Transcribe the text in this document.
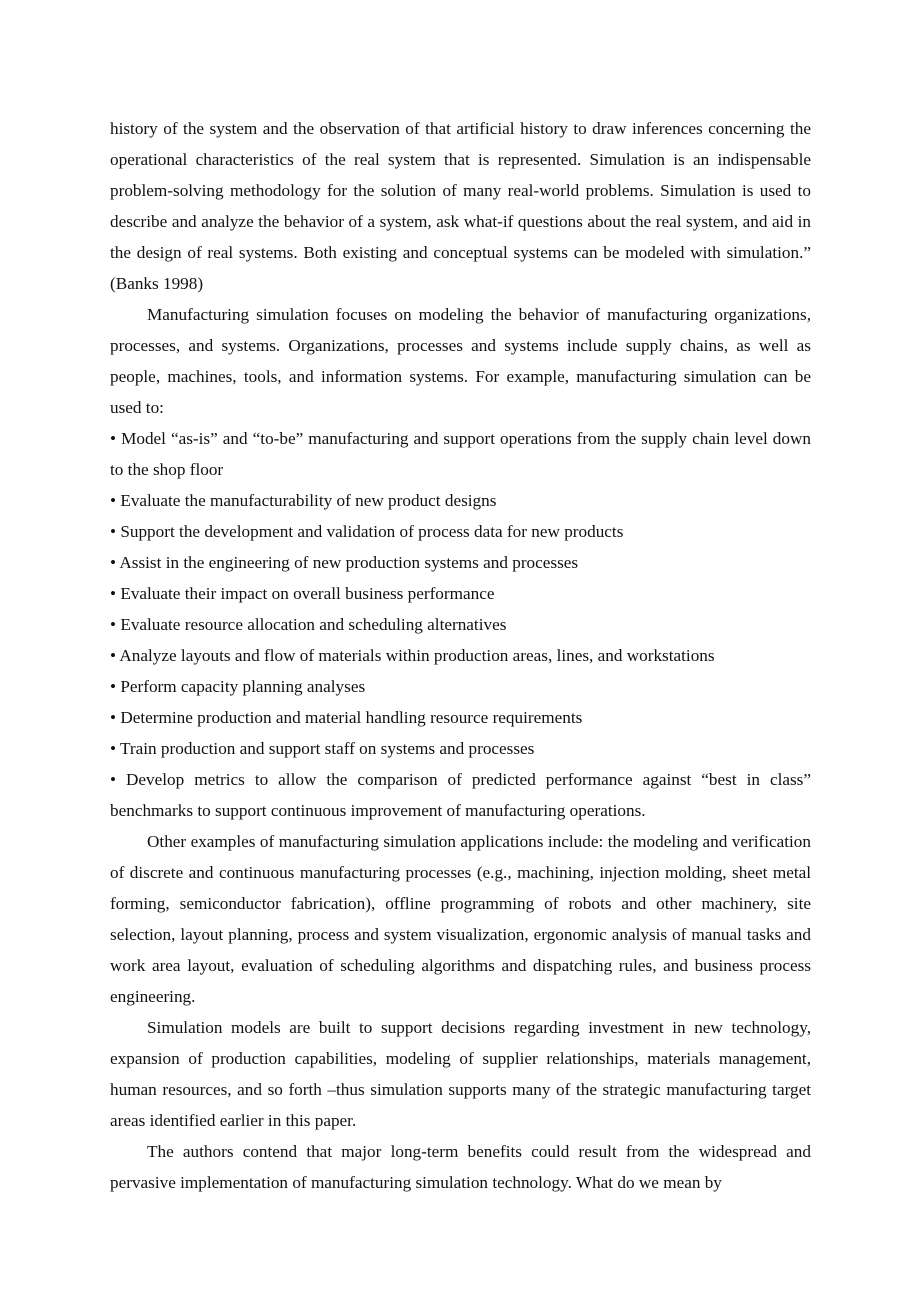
history of the system and the observation of that artificial history to draw inferences concerning the operational characteristics of the real system that is represented. Simulation is an indispensable problem-solving methodology for the solution of many real-world problems. Simulation is used to describe and analyze the behavior of a system, ask what-if questions about the real system, and aid in the design of real systems. Both existing and conceptual systems can be modeled with simulation.” (Banks 1998)

Manufacturing simulation focuses on modeling the behavior of manufacturing organizations, processes, and systems. Organizations, processes and systems include supply chains, as well as people, machines, tools, and information systems. For example, manufacturing simulation can be used to:

• Model “as-is” and “to-be” manufacturing and support operations from the supply chain level down to the shop floor
• Evaluate the manufacturability of new product designs
• Support the development and validation of process data for new products
• Assist in the engineering of new production systems and processes
• Evaluate their impact on overall business performance
• Evaluate resource allocation and scheduling alternatives
• Analyze layouts and flow of materials within production areas, lines, and workstations
• Perform capacity planning analyses
• Determine production and material handling resource requirements
• Train production and support staff on systems and processes
• Develop metrics to allow the comparison of predicted performance against “best in class” benchmarks to support continuous improvement of manufacturing operations.

Other examples of manufacturing simulation applications include: the modeling and verification of discrete and continuous manufacturing processes (e.g., machining, injection molding, sheet metal forming, semiconductor fabrication), offline programming of robots and other machinery, site selection, layout planning, process and system visualization, ergonomic analysis of manual tasks and work area layout, evaluation of scheduling algorithms and dispatching rules, and business process engineering.

Simulation models are built to support decisions regarding investment in new technology, expansion of production capabilities, modeling of supplier relationships, materials management, human resources, and so forth –thus simulation supports many of the strategic manufacturing target areas identified earlier in this paper.

The authors contend that major long-term benefits could result from the widespread and pervasive implementation of manufacturing simulation technology. What do we mean by
